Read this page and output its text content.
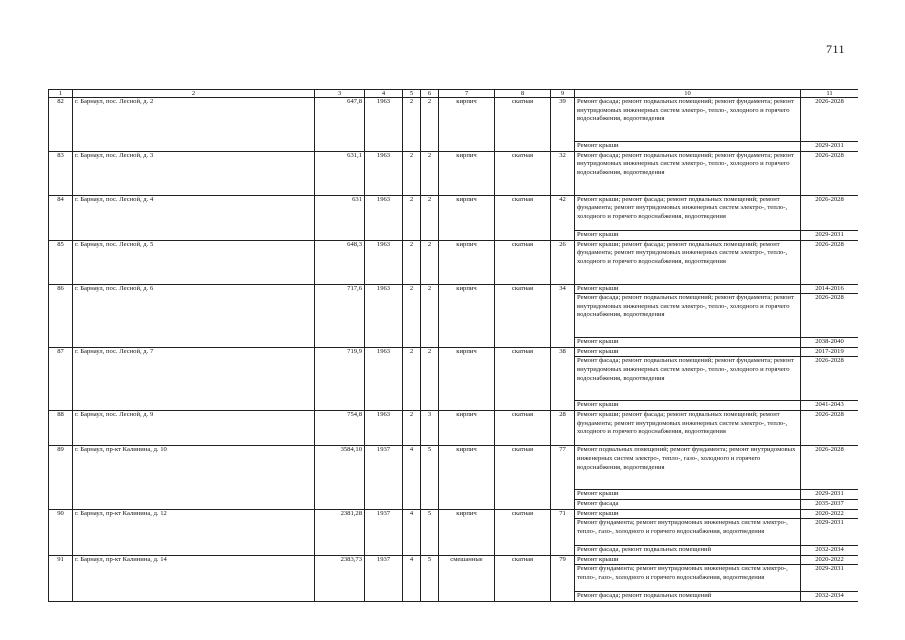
711
1	2	3	4	5	6	7	8	9	10	11
82	г. Барнаул, пос. Лесной, д. 2	647,8	1963	2	2	кирпич	скатная	39	Ремонт фасада; ремонт подвальных помещений; ремонт фундамента; ремонт внутридомовых инженерных систем электро-, тепло-, холодного и горячего водоснабжения, водоотведения	2026-2028
									Ремонт крыши	2029-2031
83	г. Барнаул, пос. Лесной, д. 3	631,1	1963	2	2	кирпич	скатная	32	Ремонт фасада; ремонт подвальных помещений; ремонт фундамента; ремонт внутридомовых инженерных систем электро-, тепло-, холодного и горячего водоснабжения, водоотведения	2026-2028
84	г. Барнаул, пос. Лесной, д. 4	631	1963	2	2	кирпич	скатная	42	Ремонт крыши; ремонт фасада; ремонт подвальных помещений; ремонт фундамента; ремонт внутридомовых инженерных систем электро-, тепло-, холодного и горячего водоснабжения, водоотведения	2026-2028
									Ремонт крыши	2029-2031
85	г. Барнаул, пос. Лесной, д. 5	648,3	1963	2	2	кирпич	скатная	26	Ремонт крыши; ремонт фасада; ремонт подвальных помещений; ремонт фундамента; ремонт внутридомовых инженерных систем электро-, тепло-, холодного и горячего водоснабжения, водоотведения	2026-2028
86	г. Барнаул, пос. Лесной, д. 6	717,6	1963	2	2	кирпич	скатная	34	Ремонт крыши	2014-2016
									Ремонт фасада; ремонт подвальных помещений; ремонт фундамента; ремонт внутридомовых инженерных систем электро-, тепло-, холодного и горячего водоснабжения, водоотведения	2026-2028
									Ремонт крыши	2038-2040
87	г. Барнаул, пос. Лесной, д. 7	719,9	1963	2	2	кирпич	скатная	38	Ремонт крыши	2017-2019
									Ремонт фасада; ремонт подвальных помещений; ремонт фундамента; ремонт внутридомовых инженерных систем электро-, тепло-, холодного и горячего водоснабжения, водоотведения	2026-2028
									Ремонт крыши	2041-2043
88	г. Барнаул, пос. Лесной, д. 9	754,8	1963	2	3	кирпич	скатная	28	Ремонт крыши; ремонт фасада; ремонт подвальных помещений; ремонт фундамента; ремонт внутридомовых инженерных систем электро-, тепло-, холодного и горячего водоснабжения, водоотведения	2026-2028
89	г. Барнаул, пр-кт Калинина, д. 10	3584,10	1937	4	5	кирпич	скатная	77	Ремонт подвальных помещений; ремонт фундамента; ремонт внутридомовых инженерных систем электро-, тепло-, газо-, холодного и горячего водоснабжения, водоотведения	2026-2028
									Ремонт крыши	2029-2031
									Ремонт фасада	2035-2037
90	г. Барнаул, пр-кт Калинина, д. 12	2381,28	1937	4	5	кирпич	скатная	71	Ремонт крыши	2020-2022
									Ремонт фундамента; ремонт внутридомовых инженерных систем электро-, тепло-, газо-, холодного и горячего водоснабжения, водоотведения	2029-2031
									Ремонт фасада, ремонт подвальных помещений	2032-2034
91	г. Барнаул, пр-кт Калинина, д. 14	2383,73	1937	4	5	смешанные	скатная	79	Ремонт крыши	2020-2022
									Ремонт фундамента; ремонт внутридомовых инженерных систем электро-, тепло-, газо-, холодного и горячего водоснабжения, водоотведения	2029-2031
									Ремонт фасада; ремонт подвальных помещений	2032-2034
